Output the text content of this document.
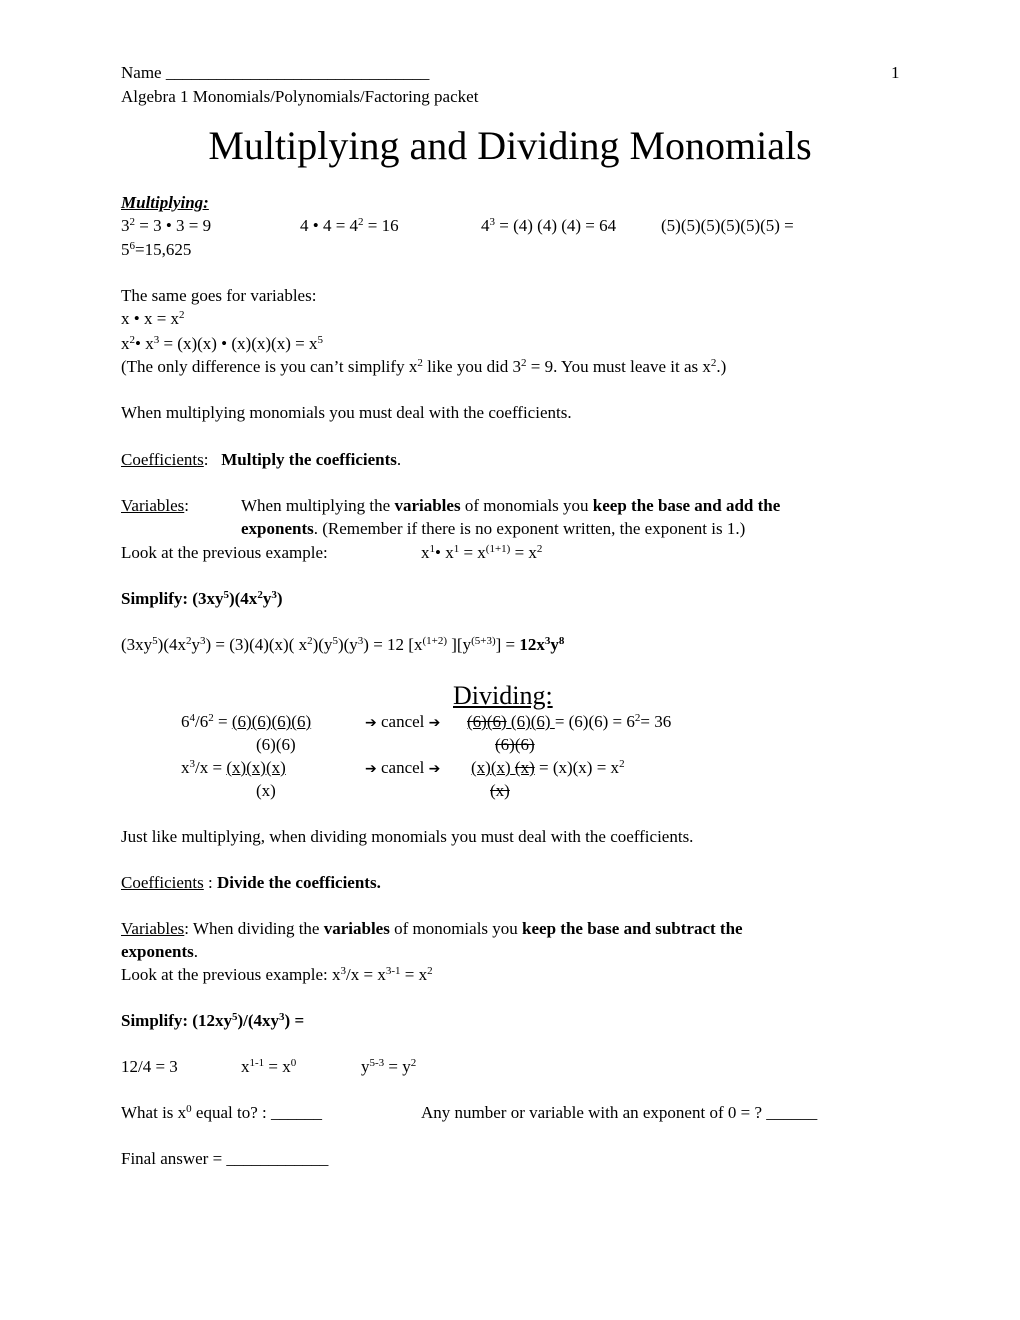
Name _______________________________	1
Algebra 1 Monomials/Polynomials/Factoring packet
Multiplying and Dividing Monomials
Multiplying:
$3^2 = 3$ • 3 = 9	4 • $4 = 4^2 = 16$	$4^3 = (4)$ (4) (4) = 64	(5)(5)(5)(5)(5)(5) =
$5^6=15,625$
The same goes for variables:
x • $x = x^2$
$x^2•$ $x^3 = (x)(x)$ • $(x)(x)(x) = x^5$
(The only difference is you can’t simplify $x^2$ like you did $3^2 = 9$. You must leave it as $x^2$.)
When multiplying monomials you must deal with the coefficients.
Coefficients:   Multiply the coefficients.
Variables:	When multiplying the variables of monomials you keep the base and add the
exponents. (Remember if there is no exponent written, the exponent is 1.)
Look at the previous example:	$x^1•$ $x^1 = x^{(1+1)} = x^2$
Simplify: $(3xy^5)(4x^2y^3)$
$(3xy^5)(4x^2y^3) = (3)(4)(x)$( $x^2)(y^5)(y^3) = 12$ [$x^{(1+2)}$ ]$[y^{(5+3)}] = 12x^3y^8$
Dividing:
$6^4/6^2 = (6)(6)(6)(6)$	➔ cancel ➔ (6)(6) $(6)(6) = (6)(6) = 6^2= 36$
(6)(6)	(6)(6)
$x^3/x = (x)(x)(x)$	➔ cancel ➔ (x)(x) $(x) = (x)(x) = x^2$
(x)	(x)
Just like multiplying, when dividing monomials you must deal with the coefficients.
Coefficients : Divide the coefficients.
Variables: When dividing the variables of monomials you keep the base and subtract the
exponents.
Look at the previous example: $x^3/x = x^{3-1} = x^2$
Simplify: $(12xy^5)/(4xy^3)$ =
12/4 = 3	$x^{1-1} = x^0$	$y^{5-3} = y^2$
What is $x^0$ equal to? : ______	Any number or variable with an exponent of 0 = ? ______
Final answer = ____________
